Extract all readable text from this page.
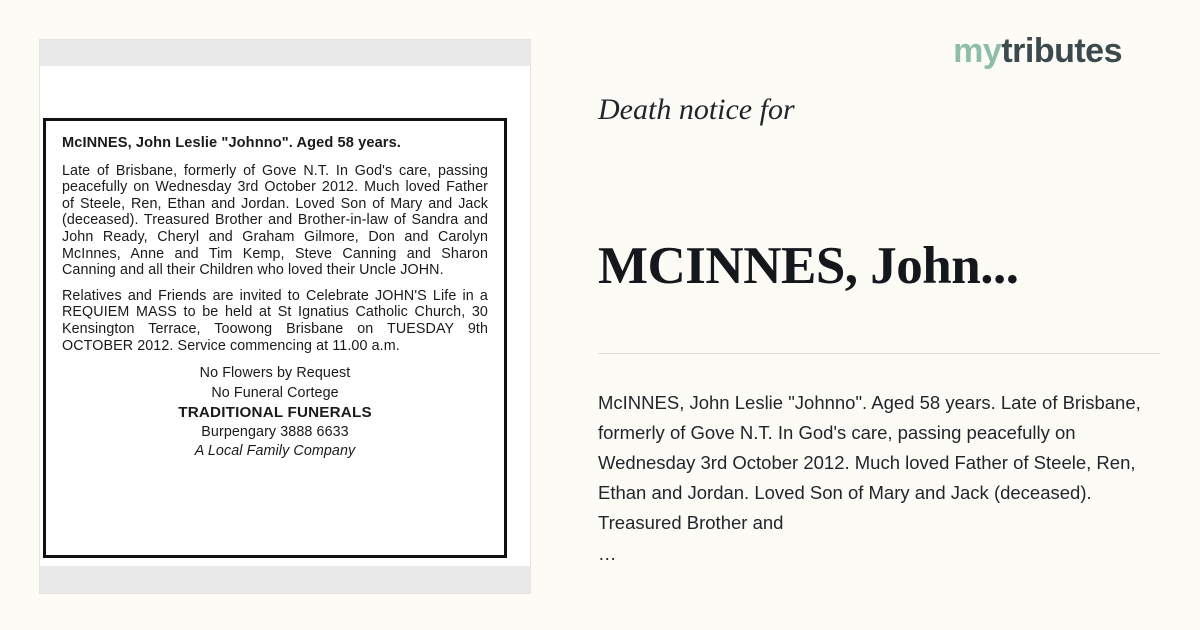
McINNES, John Leslie "Johnno". Aged 58 years.

Late of Brisbane, formerly of Gove N.T. In God's care, passing peacefully on Wednesday 3rd October 2012. Much loved Father of Steele, Ren, Ethan and Jordan. Loved Son of Mary and Jack (deceased). Treasured Brother and Brother-in-law of Sandra and John Ready, Cheryl and Graham Gilmore, Don and Carolyn McInnes, Anne and Tim Kemp, Steve Canning and Sharon Canning and all their Children who loved their Uncle JOHN.

Relatives and Friends are invited to Celebrate JOHN'S Life in a REQUIEM MASS to be held at St Ignatius Catholic Church, 30 Kensington Terrace, Toowong Brisbane on TUESDAY 9th OCTOBER 2012. Service commencing at 11.00 a.m.

No Flowers by Request

No Funeral Cortege

TRADITIONAL FUNERALS

Burpengary 3888 6633

A Local Family Company

mytributes
Death notice for
MCINNES, John...
McINNES, John Leslie "Johnno". Aged 58 years. Late of Brisbane, formerly of Gove N.T. In God's care, passing peacefully on Wednesday 3rd October 2012. Much loved Father of Steele, Ren, Ethan and Jordan. Loved Son of Mary and Jack (deceased). Treasured Brother and
…
